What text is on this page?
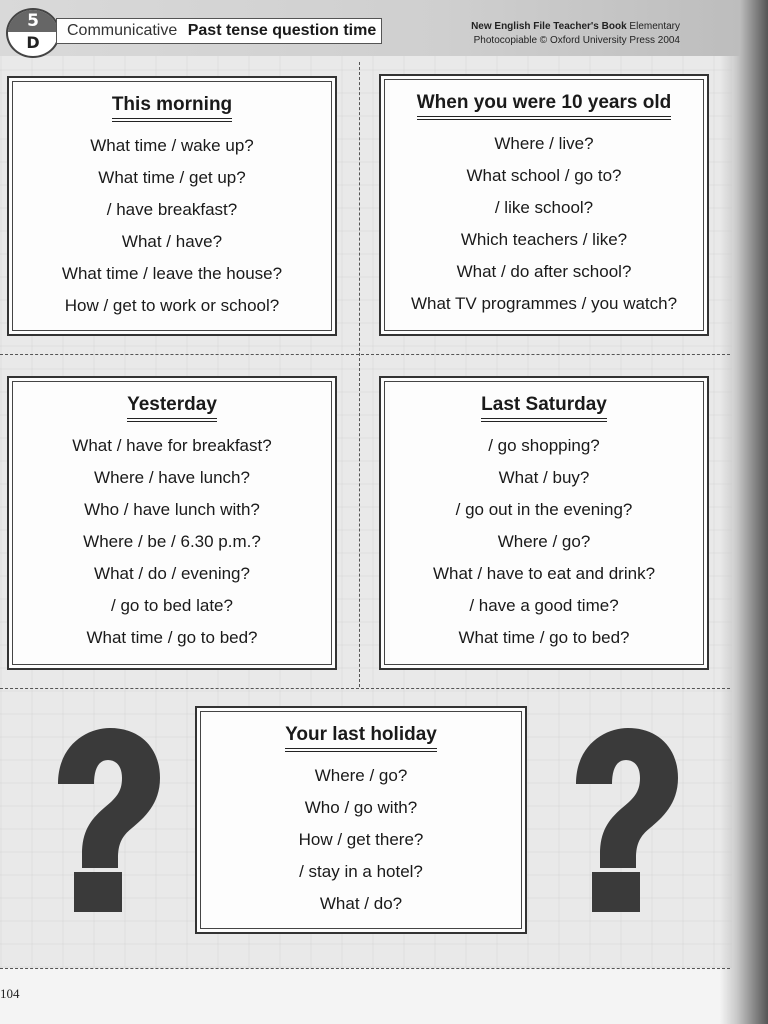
5
D
Communicative Past tense question time	New English File Teacher's Book Elementary
Photocopiable © Oxford University Press 2004
This morning
What time / wake up?
What time / get up?
/ have breakfast?
What / have?
What time / leave the house?
How / get to work or school?
When you were 10 years old
Where / live?
What school / go to?
/ like school?
Which teachers / like?
What / do after school?
What TV programmes / you watch?
Yesterday
What / have for breakfast?
Where / have lunch?
Who / have lunch with?
Where / be / 6.30 p.m.?
What / do / evening?
/ go to bed late?
What time / go to bed?
Last Saturday
/ go shopping?
What / buy?
/ go out in the evening?
Where / go?
What / have to eat and drink?
/ have a good time?
What time / go to bed?
Your last holiday
Where / go?
Who / go with?
How / get there?
/ stay in a hotel?
What / do?
104
